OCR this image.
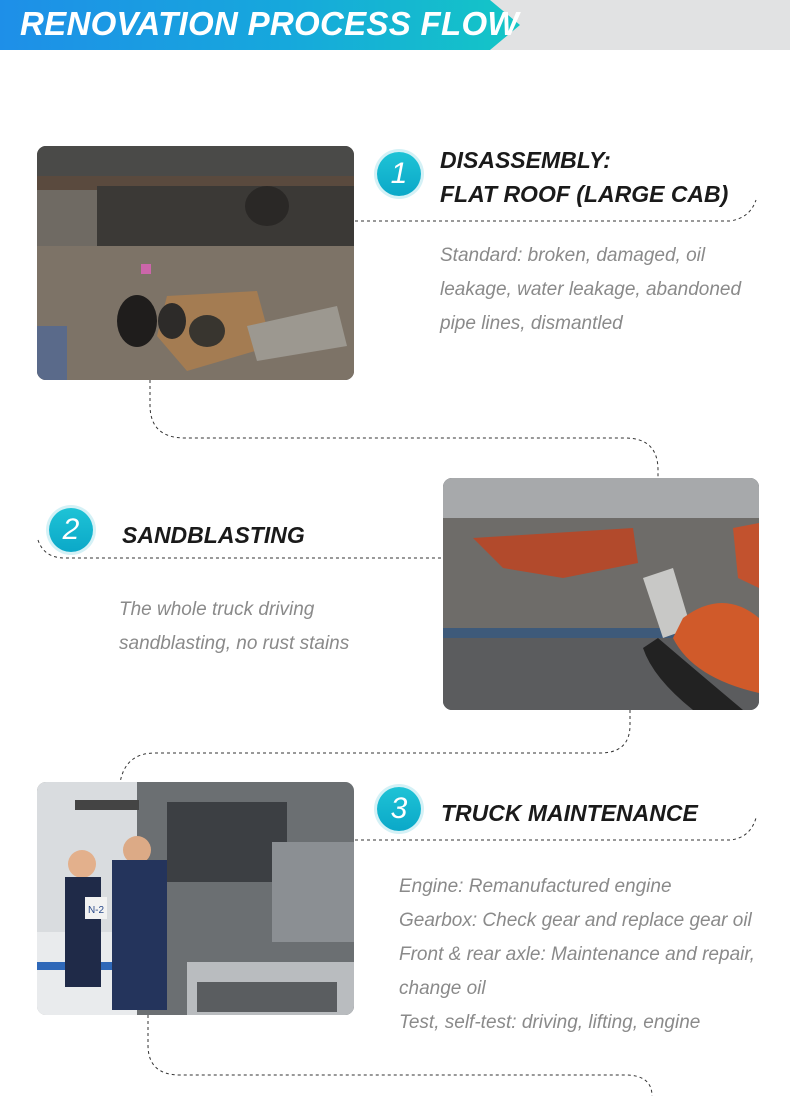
RENOVATION PROCESS FLOW
1	DISASSEMBLY:
FLAT ROOF (LARGE CAB)
Standard: broken, damaged, oil
leakage, water leakage, abandoned
pipe lines, dismantled
2	SANDBLASTING
The whole truck driving
sandblasting, no rust stains
N-2
3	TRUCK MAINTENANCE
Engine: Remanufactured engine
Gearbox: Check gear and replace gear oil
Front & rear axle: Maintenance and repair,
change oil
Test, self-test: driving, lifting, engine
